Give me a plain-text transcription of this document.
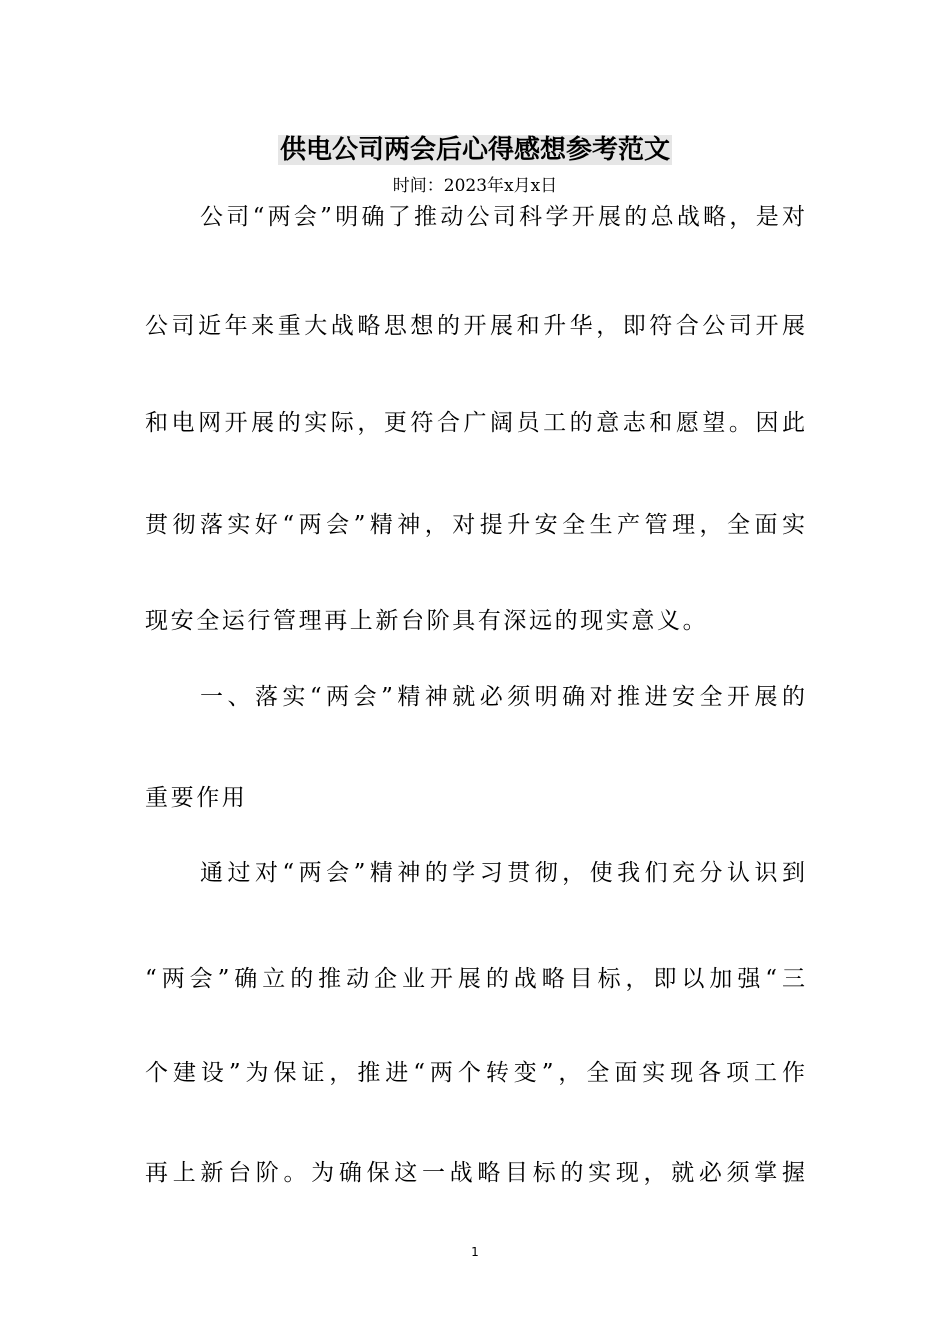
供电公司两会后心得感想参考范文
时间：2023年x月x日
公司“两会”明确了推动公司科学开展的总战略，是对
公司近年来重大战略思想的开展和升华，即符合公司开展
和电网开展的实际，更符合广阔员工的意志和愿望。因此
贯彻落实好“两会”精神，对提升安全生产管理，全面实
现安全运行管理再上新台阶具有深远的现实意义。
一、落实“两会”精神就必须明确对推进安全开展的
重要作用
通过对“两会”精神的学习贯彻，使我们充分认识到
“两会”确立的推动企业开展的战略目标，即以加强“三
个建设”为保证，推进“两个转变”，全面实现各项工作
再上新台阶。为确保这一战略目标的实现，就必须掌握
1
